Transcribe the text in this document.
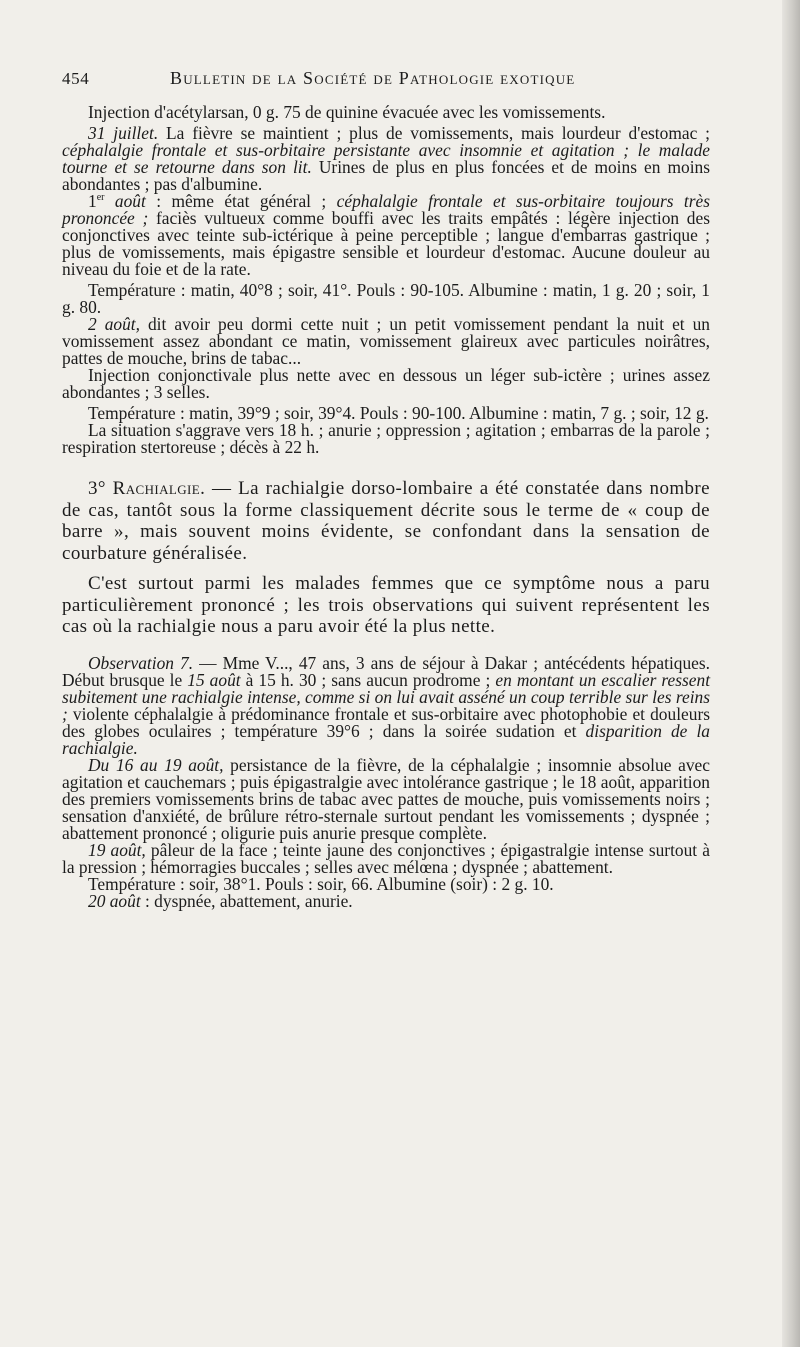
454	Bulletin de la Société de Pathologie exotique

Injection d'acétylarsan, 0 g. 75 de quinine évacuée avec les vomissements.

31 juillet. La fièvre se maintient ; plus de vomissements, mais lourdeur d'estomac ; céphalalgie frontale et sus-orbitaire persistante avec insomnie et agitation ; le malade tourne et se retourne dans son lit. Urines de plus en plus foncées et de moins en moins abondantes ; pas d'albumine.

1er août : même état général ; céphalalgie frontale et sus-orbitaire toujours très prononcée ; faciès vultueux comme bouffi avec les traits empâtés : légère injection des conjonctives avec teinte sub-ictérique à peine perceptible ; langue d'embarras gastrique ; plus de vomissements, mais épigastre sensible et lourdeur d'estomac. Aucune douleur au niveau du foie et de la rate.

Température : matin, 40°8 ; soir, 41°. Pouls : 90-105. Albumine : matin, 1 g. 20 ; soir, 1 g. 80.

2 août, dit avoir peu dormi cette nuit ; un petit vomissement pendant la nuit et un vomissement assez abondant ce matin, vomissement glaireux avec particules noirâtres, pattes de mouche, brins de tabac...

Injection conjonctivale plus nette avec en dessous un léger sub-ictère ; urines assez abondantes ; 3 selles.

Température : matin, 39°9 ; soir, 39°4. Pouls : 90-100. Albumine : matin, 7 g. ; soir, 12 g.

La situation s'aggrave vers 18 h. ; anurie ; oppression ; agitation ; embarras de la parole ; respiration stertoreuse ; décès à 22 h.

3° Rachialgie. — La rachialgie dorso-lombaire a été constatée dans nombre de cas, tantôt sous la forme classiquement décrite sous le terme de « coup de barre », mais souvent moins évidente, se confondant dans la sensation de courbature généralisée.

C'est surtout parmi les malades femmes que ce symptôme nous a paru particulièrement prononcé ; les trois observations qui suivent représentent les cas où la rachialgie nous a paru avoir été la plus nette.

Observation 7. — Mme V..., 47 ans, 3 ans de séjour à Dakar ; antécédents hépatiques. Début brusque le 15 août à 15 h. 30 ; sans aucun prodrome ; en montant un escalier ressent subitement une rachialgie intense, comme si on lui avait asséné un coup terrible sur les reins ; violente céphalalgie à prédominance frontale et sus-orbitaire avec photophobie et douleurs des globes oculaires ; température 39°6 ; dans la soirée sudation et disparition de la rachialgie.

Du 16 au 19 août, persistance de la fièvre, de la céphalalgie ; insomnie absolue avec agitation et cauchemars ; puis épigastralgie avec intolérance gastrique ; le 18 août, apparition des premiers vomissements brins de tabac avec pattes de mouche, puis vomissements noirs ; sensation d'anxiété, de brûlure rétro-sternale surtout pendant les vomissements ; dyspnée ; abattement prononcé ; oligurie puis anurie presque complète.

19 août, pâleur de la face ; teinte jaune des conjonctives ; épigastralgie intense surtout à la pression ; hémorragies buccales ; selles avec mélœna ; dyspnée ; abattement.

Température : soir, 38°1. Pouls : soir, 66. Albumine (soir) : 2 g. 10.

20 août : dyspnée, abattement, anurie.
